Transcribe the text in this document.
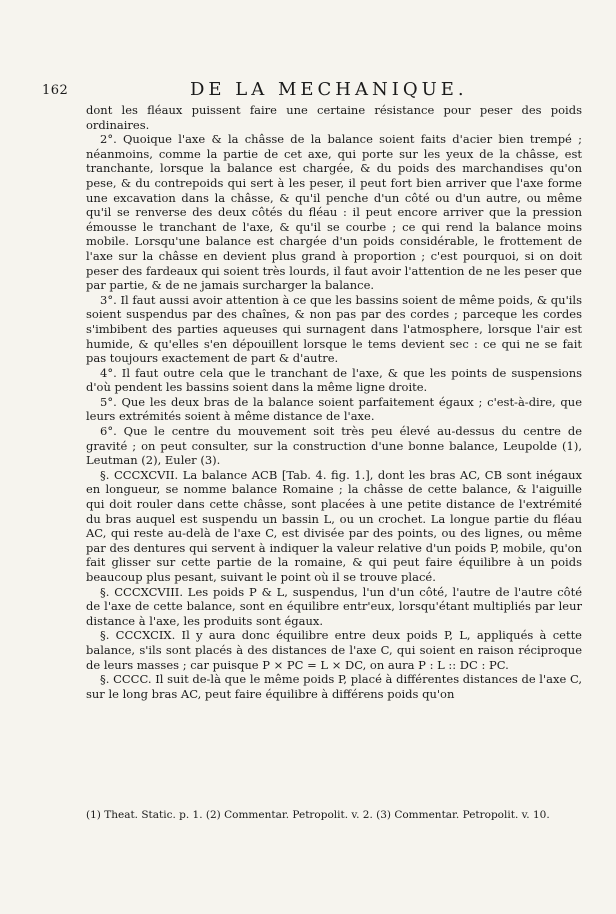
162	DE LA MECHANIQUE.

dont les fléaux puissent faire une certaine résistance pour peser des poids ordinaires.

2°. Quoique l'axe & la châsse de la balance soient faits d'acier bien trempé ; néanmoins, comme la partie de cet axe, qui porte sur les yeux de la châsse, est tranchante, lorsque la balance est chargée, & du poids des marchandises qu'on pese, & du contrepoids qui sert à les peser, il peut fort bien arriver que l'axe forme une excavation dans la châsse, & qu'il penche d'un côté ou d'un autre, ou même qu'il se renverse des deux côtés du fléau : il peut encore arriver que la pression émousse le tranchant de l'axe, & qu'il se courbe ; ce qui rend la balance moins mobile. Lorsqu'une balance est chargée d'un poids considérable, le frottement de l'axe sur la châsse en devient plus grand à proportion ; c'est pourquoi, si on doit peser des fardeaux qui soient très lourds, il faut avoir l'attention de ne les peser que par partie, & de ne jamais surcharger la balance.

3°. Il faut aussi avoir attention à ce que les bassins soient de même poids, & qu'ils soient suspendus par des chaînes, & non pas par des cordes ; parceque les cordes s'imbibent des parties aqueuses qui surnagent dans l'atmosphere, lorsque l'air est humide, & qu'elles s'en dépouillent lorsque le tems devient sec : ce qui ne se fait pas toujours exactement de part & d'autre.

4°. Il faut outre cela que le tranchant de l'axe, & que les points de suspensions d'où pendent les bassins soient dans la même ligne droite.

5°. Que les deux bras de la balance soient parfaitement égaux ; c'est-à-dire, que leurs extrémités soient à même distance de l'axe.

6°. Que le centre du mouvement soit très peu élevé au-dessus du centre de gravité ; on peut consulter, sur la construction d'une bonne balance, Leupolde (1), Leutman (2), Euler (3).

§. CCCXCVII. La balance ACB [Tab. 4. fig. 1.], dont les bras AC, CB sont inégaux en longueur, se nomme balance Romaine ; la châsse de cette balance, & l'aiguille qui doit rouler dans cette châsse, sont placées à une petite distance de l'extrémité du bras auquel est suspendu un bassin L, ou un crochet. La longue partie du fléau AC, qui reste au-delà de l'axe C, est divisée par des points, ou des lignes, ou même par des dentures qui servent à indiquer la valeur relative d'un poids P, mobile, qu'on fait glisser sur cette partie de la romaine, & qui peut faire équilibre à un poids beaucoup plus pesant, suivant le point où il se trouve placé.

§. CCCXCVIII. Les poids P & L, suspendus, l'un d'un côté, l'autre de l'autre côté de l'axe de cette balance, sont en équilibre entr'eux, lorsqu'étant multipliés par leur distance à l'axe, les produits sont égaux.

§. CCCXCIX. Il y aura donc équilibre entre deux poids P, L, appliqués à cette balance, s'ils sont placés à des distances de l'axe C, qui soient en raison réciproque de leurs masses ; car puisque P × PC = L × DC, on aura P : L :: DC : PC.

§. CCCC. Il suit de-là que le même poids P, placé à différentes distances de l'axe C, sur le long bras AC, peut faire équilibre à différens poids qu'on

(1) Theat. Static. p. 1. (2) Commentar. Petropolit. v. 2. (3) Commentar. Petropolit. v. 10.
